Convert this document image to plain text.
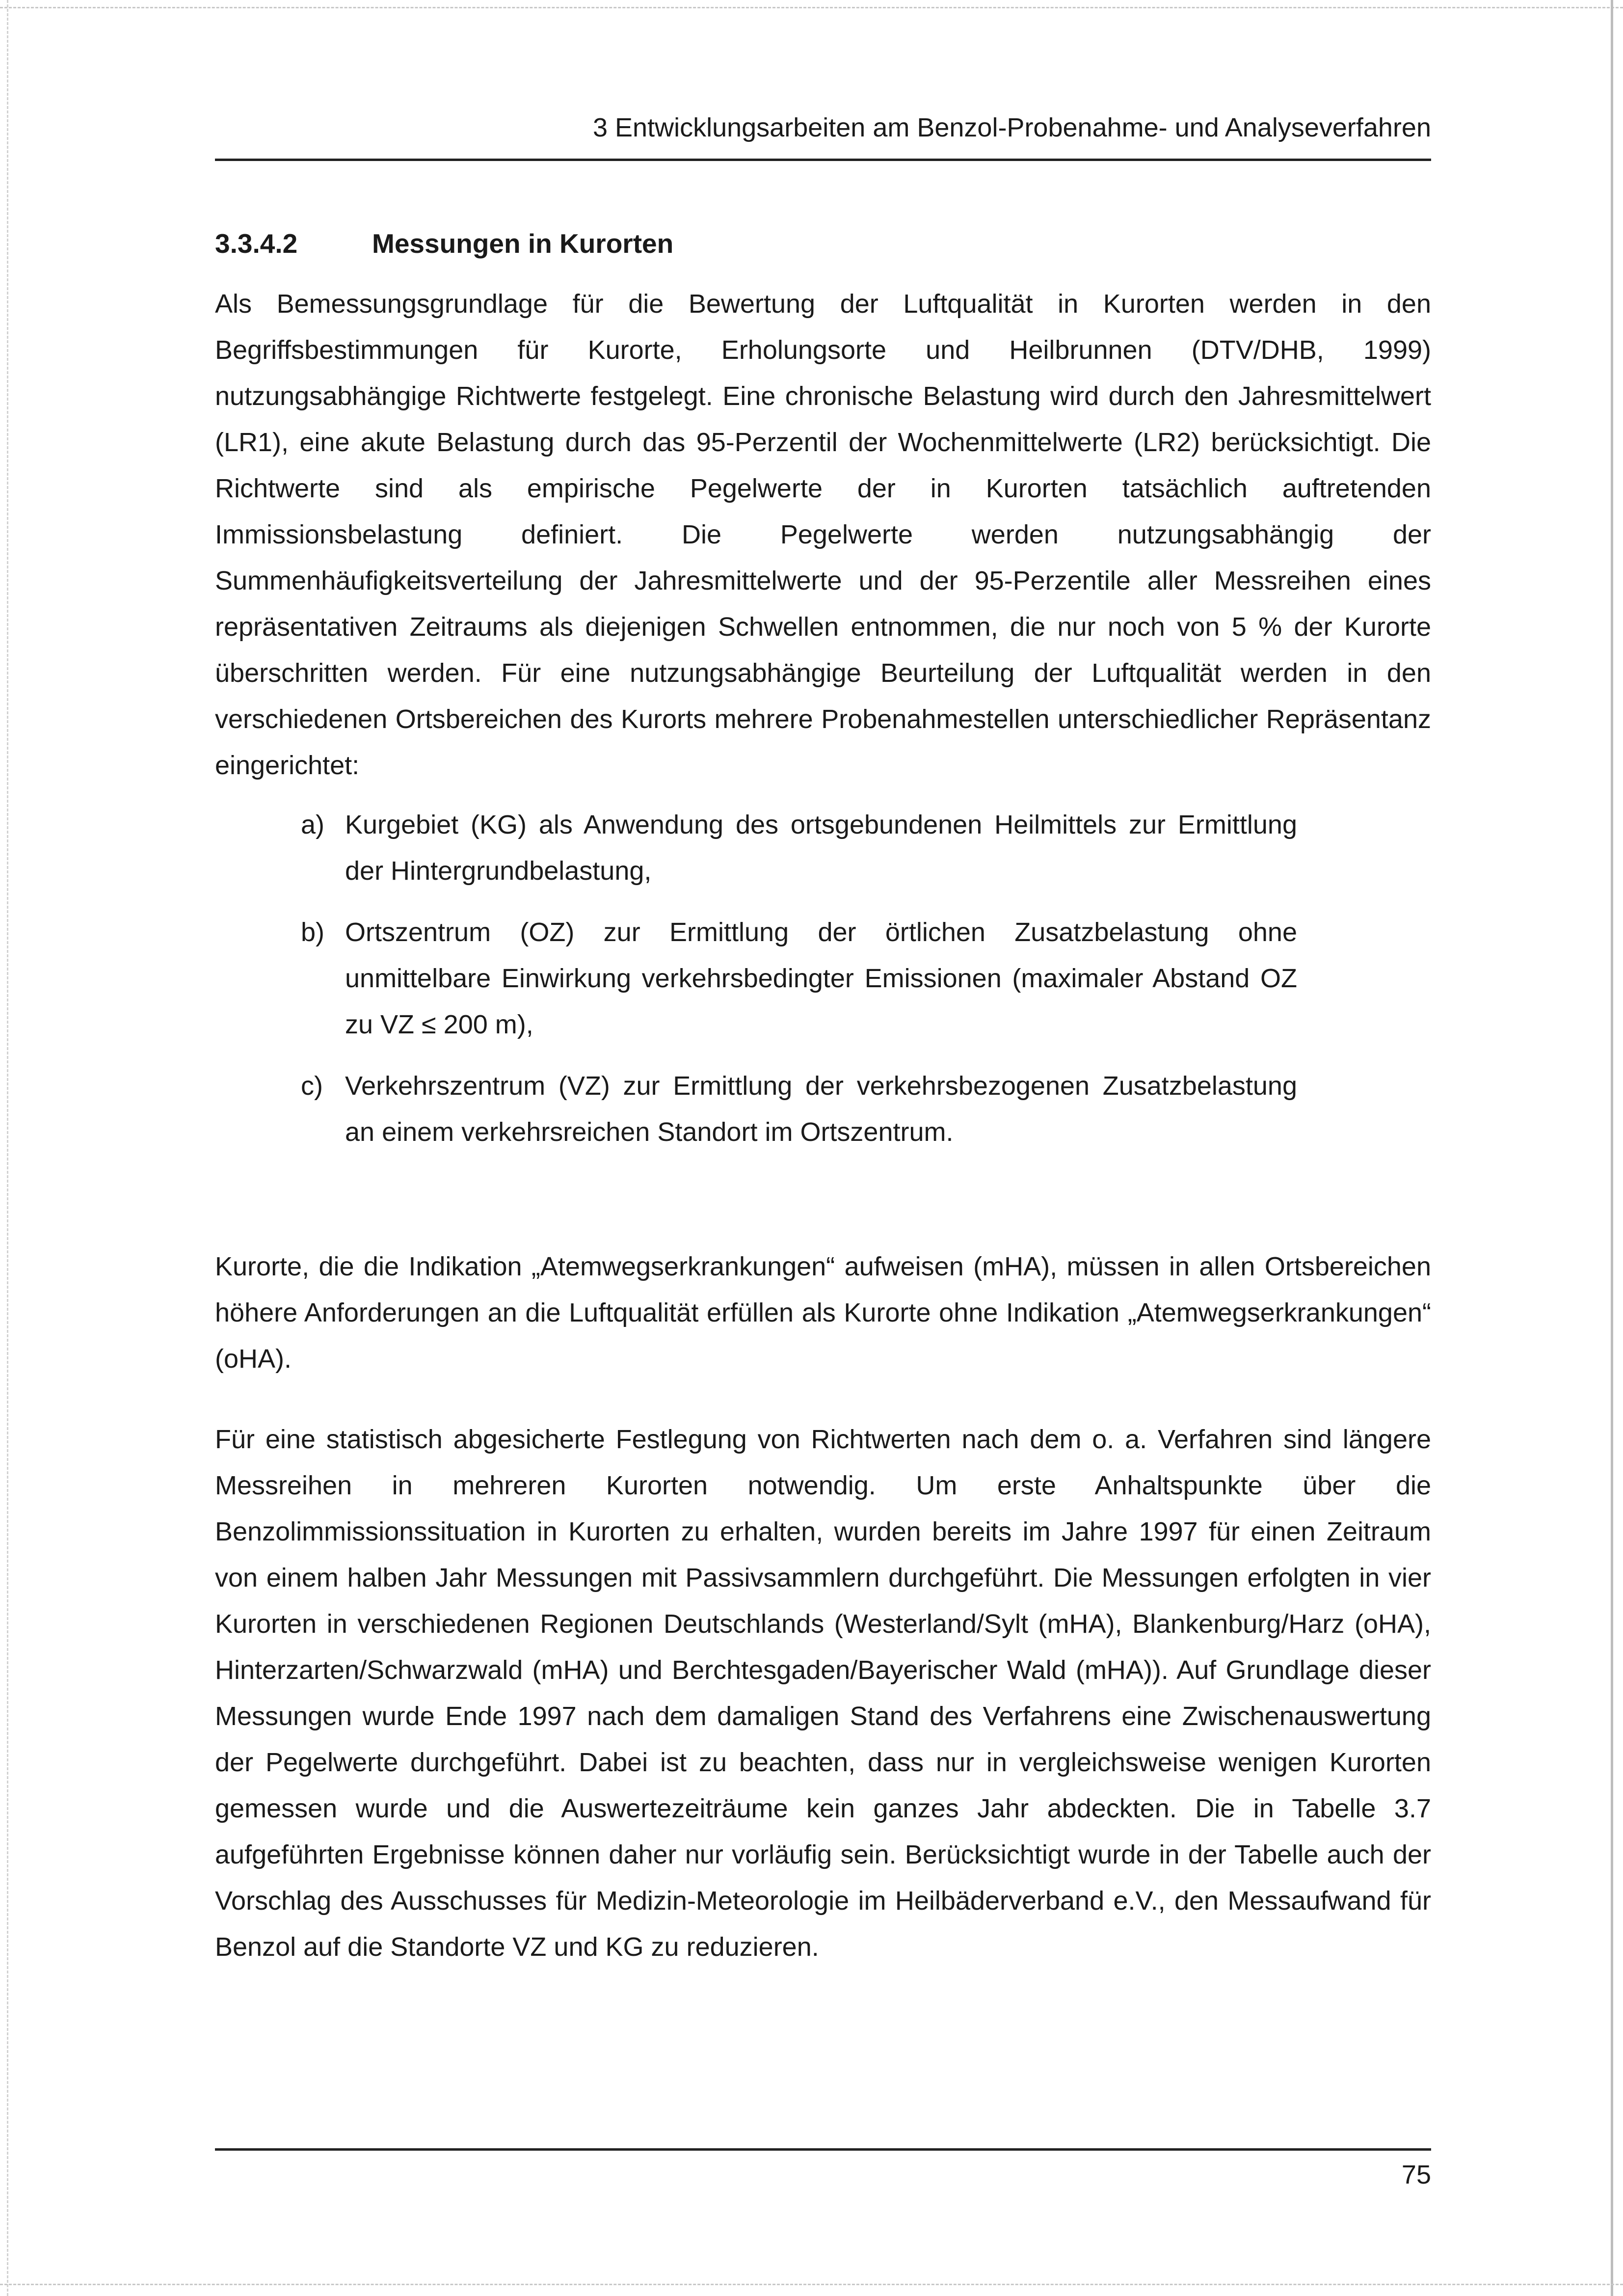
3 Entwicklungsarbeiten am Benzol-Probenahme- und Analyseverfahren
3.3.4.2	Messungen in Kurorten

Als Bemessungsgrundlage für die Bewertung der Luftqualität in Kurorten werden in den Begriffsbestimmungen für Kurorte, Erholungsorte und Heilbrunnen (DTV/DHB, 1999) nutzungsabhängige Richtwerte festgelegt. Eine chronische Belastung wird durch den Jahresmittelwert (LR1), eine akute Belastung durch das 95-Perzentil der Wochenmittelwerte (LR2) berücksichtigt. Die Richtwerte sind als empirische Pegelwerte der in Kurorten tatsächlich auftretenden Immissionsbelastung definiert. Die Pegelwerte werden nutzungsabhängig der Summenhäufigkeitsverteilung der Jahresmittelwerte und der 95-Perzentile aller Messreihen eines repräsentativen Zeitraums als diejenigen Schwellen entnommen, die nur noch von 5 % der Kurorte überschritten werden. Für eine nutzungsabhängige Beurteilung der Luftqualität werden in den verschiedenen Ortsbereichen des Kurorts mehrere Probenahmestellen unterschiedlicher Repräsentanz eingerichtet:

a) Kurgebiet (KG) als Anwendung des ortsgebundenen Heilmittels zur Ermittlung der Hintergrundbelastung,
b) Ortszentrum (OZ) zur Ermittlung der örtlichen Zusatzbelastung ohne unmittelbare Einwirkung verkehrsbedingter Emissionen (maximaler Abstand OZ zu VZ ≤ 200 m),
c) Verkehrszentrum (VZ) zur Ermittlung der verkehrsbezogenen Zusatzbelastung an einem verkehrsreichen Standort im Ortszentrum.

Kurorte, die die Indikation „Atemwegserkrankungen“ aufweisen (mHA), müssen in allen Ortsbereichen höhere Anforderungen an die Luftqualität erfüllen als Kurorte ohne Indikation „Atemwegserkrankungen“ (oHA).

Für eine statistisch abgesicherte Festlegung von Richtwerten nach dem o. a. Verfahren sind längere Messreihen in mehreren Kurorten notwendig. Um erste Anhaltspunkte über die Benzolimmissionssituation in Kurorten zu erhalten, wurden bereits im Jahre 1997 für einen Zeitraum von einem halben Jahr Messungen mit Passivsammlern durchgeführt. Die Messungen erfolgten in vier Kurorten in verschiedenen Regionen Deutschlands (Westerland/Sylt (mHA), Blankenburg/Harz (oHA), Hinterzarten/Schwarzwald (mHA) und Berchtesgaden/Bayerischer Wald (mHA)). Auf Grundlage dieser Messungen wurde Ende 1997 nach dem damaligen Stand des Verfahrens eine Zwischenauswertung der Pegelwerte durchgeführt. Dabei ist zu beachten, dass nur in vergleichsweise wenigen Kurorten gemessen wurde und die Auswertezeiträume kein ganzes Jahr abdeckten. Die in Tabelle 3.7 aufgeführten Ergebnisse können daher nur vorläufig sein. Berücksichtigt wurde in der Tabelle auch der Vorschlag des Ausschusses für Medizin-Meteorologie im Heilbäderverband e.V., den Messaufwand für Benzol auf die Standorte VZ und KG zu reduzieren.

75
